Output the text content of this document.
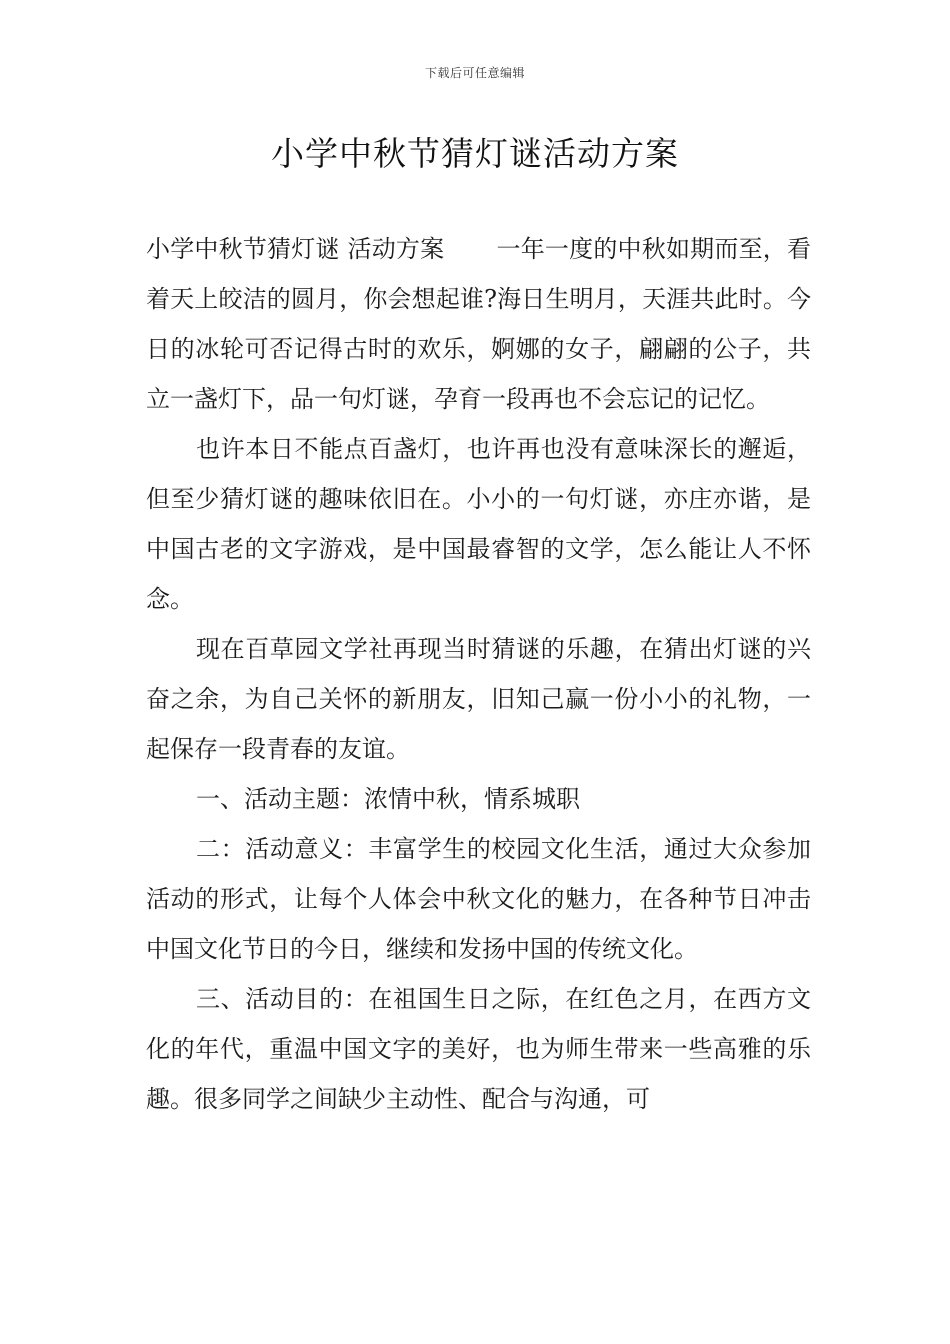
下载后可任意编辑
小学中秋节猜灯谜活动方案

小学中秋节猜灯谜 活动方案 一年一度的中秋如期而至，看着天上皎洁的圆月，你会想起谁?海日生明月，天涯共此时。今日的冰轮可否记得古时的欢乐，婀娜的女子，翩翩的公子，共立一盏灯下，品一句灯谜，孕育一段再也不会忘记的记忆。

也许本日不能点百盏灯，也许再也没有意味深长的邂逅，但至少猜灯谜的趣味依旧在。小小的一句灯谜，亦庄亦谐，是中国古老的文字游戏，是中国最睿智的文学，怎么能让人不怀念。

现在百草园文学社再现当时猜谜的乐趣，在猜出灯谜的兴奋之余，为自己关怀的新朋友，旧知己赢一份小小的礼物，一起保存一段青春的友谊。

一、活动主题：浓情中秋，情系城职

二：活动意义：丰富学生的校园文化生活，通过大众参加活动的形式，让每个人体会中秋文化的魅力，在各种节日冲击中国文化节日的今日，继续和发扬中国的传统文化。

三、活动目的：在祖国生日之际，在红色之月，在西方文化的年代，重温中国文字的美好，也为师生带来一些高雅的乐趣。很多同学之间缺少主动性、配合与沟通，可
